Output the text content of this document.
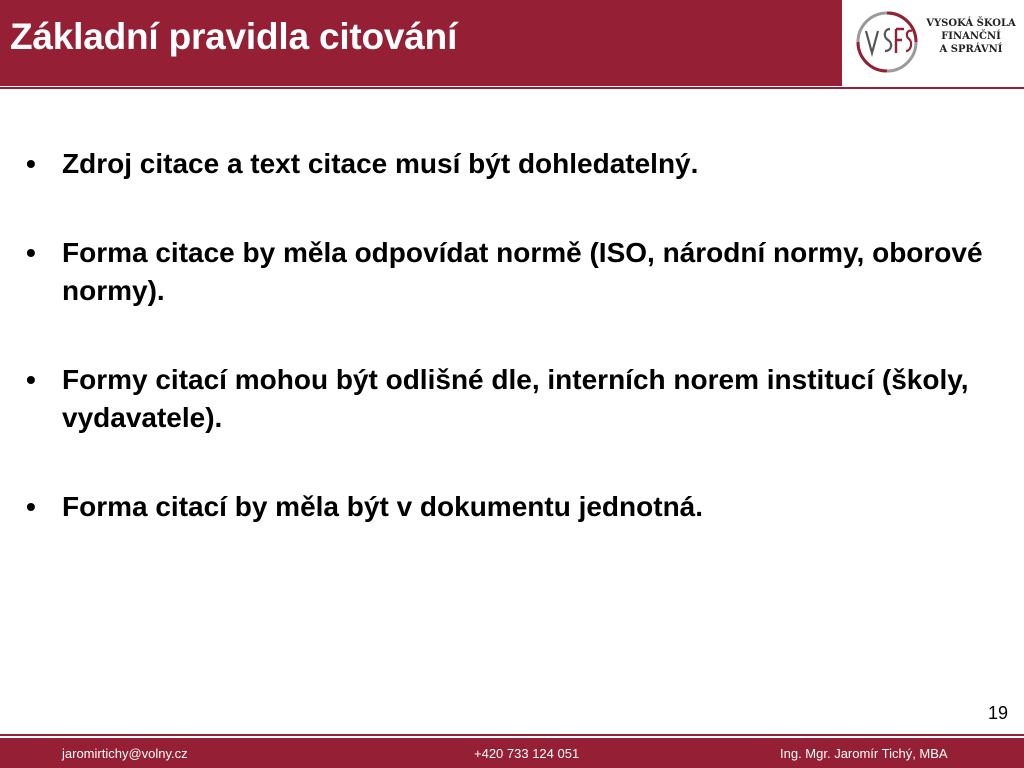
Základní pravidla citování	VYSOKÁ ŠKOLA
FINANČNÍ
A SPRÁVNÍ
• Zdroj citace a text citace musí být dohledatelný.
• Forma citace by měla odpovídat normě (ISO, národní normy, oborové normy).
• Formy citací mohou být odlišné dle, interních norem institucí (školy, vydavatele).
• Forma citací by měla být v dokumentu jednotná.
19
jaromirtichy@volny.cz	+420 733 124 051	Ing. Mgr. Jaromír Tichý, MBA
